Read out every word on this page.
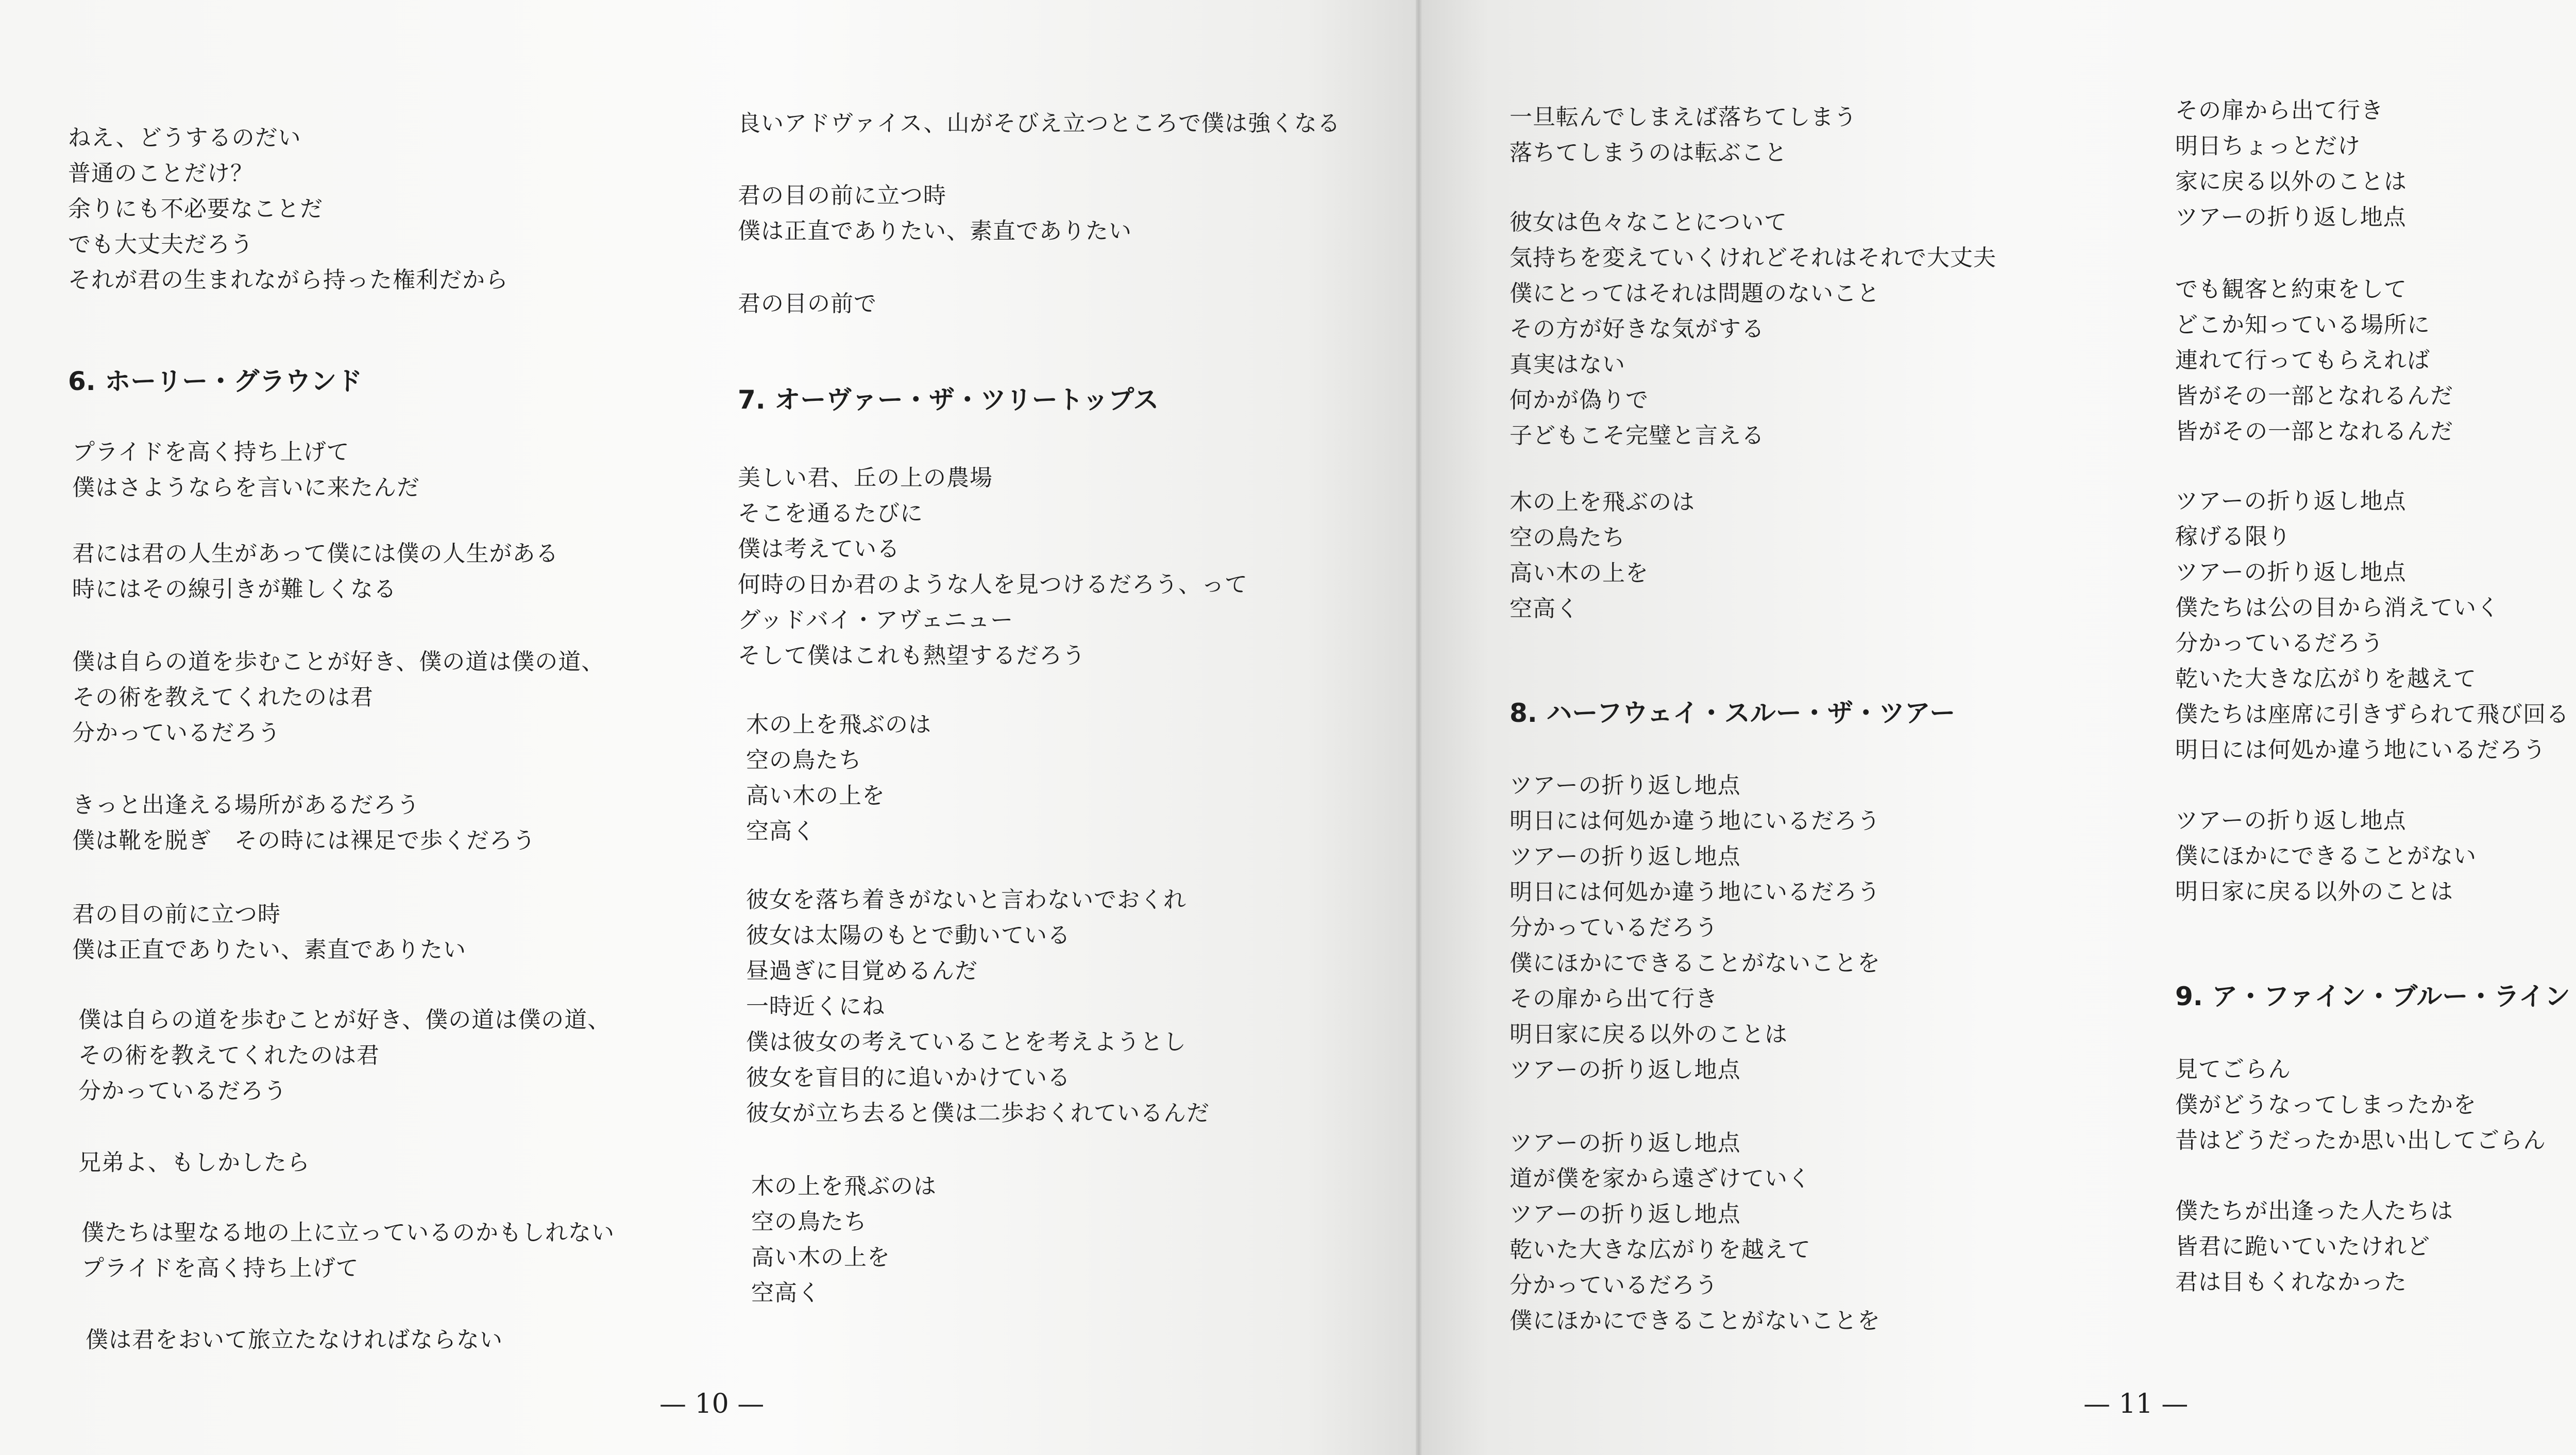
ねえ、どうするのだい
普通のことだけ？
余りにも不必要なことだ
でも大丈夫だろう
それが君の生まれながら持った権利だから
6. ホーリー・グラウンド
プライドを高く持ち上げて
僕はさようならを言いに来たんだ
君には君の人生があって僕には僕の人生がある
時にはその線引きが難しくなる
僕は自らの道を歩むことが好き、僕の道は僕の道、
その術を教えてくれたのは君
分かっているだろう
きっと出逢える場所があるだろう
僕は靴を脱ぎ　その時には裸足で歩くだろう
君の目の前に立つ時
僕は正直でありたい、素直でありたい
僕は自らの道を歩むことが好き、僕の道は僕の道、
その術を教えてくれたのは君
分かっているだろう
兄弟よ、もしかしたら
僕たちは聖なる地の上に立っているのかもしれない
プライドを高く持ち上げて
僕は君をおいて旅立たなければならない
良いアドヴァイス、山がそびえ立つところで僕は強くなる
君の目の前に立つ時
僕は正直でありたい、素直でありたい
君の目の前で
7. オーヴァー・ザ・ツリートップス
美しい君、丘の上の農場
そこを通るたびに
僕は考えている
何時の日か君のような人を見つけるだろう、って
グッドバイ・アヴェニュー
そして僕はこれも熱望するだろう
木の上を飛ぶのは
空の鳥たち
高い木の上を
空高く
彼女を落ち着きがないと言わないでおくれ
彼女は太陽のもとで動いている
昼過ぎに目覚めるんだ
一時近くにね
僕は彼女の考えていることを考えようとし
彼女を盲目的に追いかけている
彼女が立ち去ると僕は二歩おくれているんだ
木の上を飛ぶのは
空の鳥たち
高い木の上を
空高く
一旦転んでしまえば落ちてしまう
落ちてしまうのは転ぶこと
彼女は色々なことについて
気持ちを変えていくけれどそれはそれで大丈夫
僕にとってはそれは問題のないこと
その方が好きな気がする
真実はない
何かが偽りで
子どもこそ完璧と言える
木の上を飛ぶのは
空の鳥たち
高い木の上を
空高く
8. ハーフウェイ・スルー・ザ・ツアー
ツアーの折り返し地点
明日には何処か違う地にいるだろう
ツアーの折り返し地点
明日には何処か違う地にいるだろう
分かっているだろう
僕にほかにできることがないことを
その扉から出て行き
明日家に戻る以外のことは
ツアーの折り返し地点
ツアーの折り返し地点
道が僕を家から遠ざけていく
ツアーの折り返し地点
乾いた大きな広がりを越えて
分かっているだろう
僕にほかにできることがないことを
その扉から出て行き
明日ちょっとだけ
家に戻る以外のことは
ツアーの折り返し地点
でも観客と約束をして
どこか知っている場所に
連れて行ってもらえれば
皆がその一部となれるんだ
皆がその一部となれるんだ
ツアーの折り返し地点
稼げる限り
ツアーの折り返し地点
僕たちは公の目から消えていく
分かっているだろう
乾いた大きな広がりを越えて
僕たちは座席に引きずられて飛び回る
明日には何処か違う地にいるだろう
ツアーの折り返し地点
僕にほかにできることがない
明日家に戻る以外のことは
9. ア・ファイン・ブルー・ライン
見てごらん
僕がどうなってしまったかを
昔はどうだったか思い出してごらん
僕たちが出逢った人たちは
皆君に跪いていたけれど
君は目もくれなかった
— 10 —	— 11 —
